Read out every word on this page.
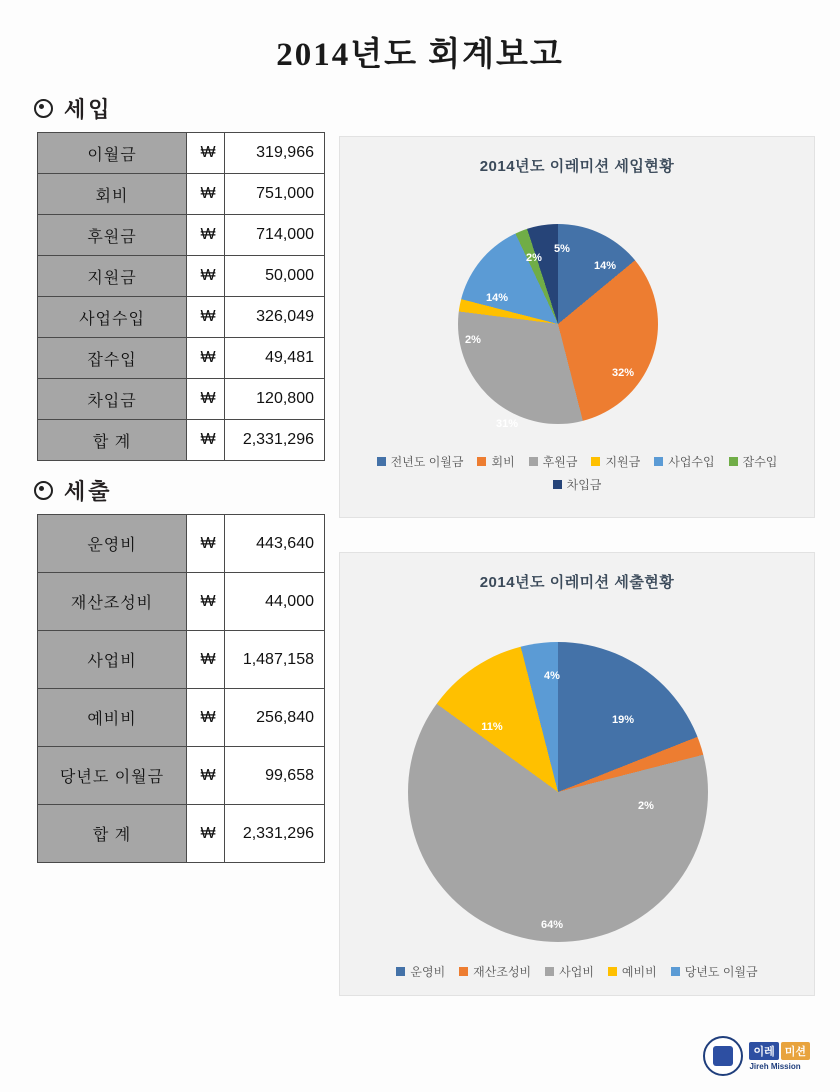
2014년도 회계보고
세입
이월금	₩	319,966
회비	₩	751,000
후원금	₩	714,000
지원금	₩	50,000
사업수입	₩	326,049
잡수입	₩	49,481
차입금	₩	120,800
합 계	₩	2,331,296
2014년도 이레미션 세입현황
14%
32%
31%
2%
14%
2%
5%
전년도 이월금 회비 후원금 지원금 사업수입 잡수입
차입금
세출
운영비	₩	443,640
재산조성비	₩	44,000
사업비	₩	1,487,158
예비비	₩	256,840
당년도 이월금	₩	99,658
합 계	₩	2,331,296
2014년도 이레미션 세출현황
19%
2%
64%
11%
4%
운영비 재산조성비 사업비 예비비 당년도 이월금
이레 미션
Jireh Mission
